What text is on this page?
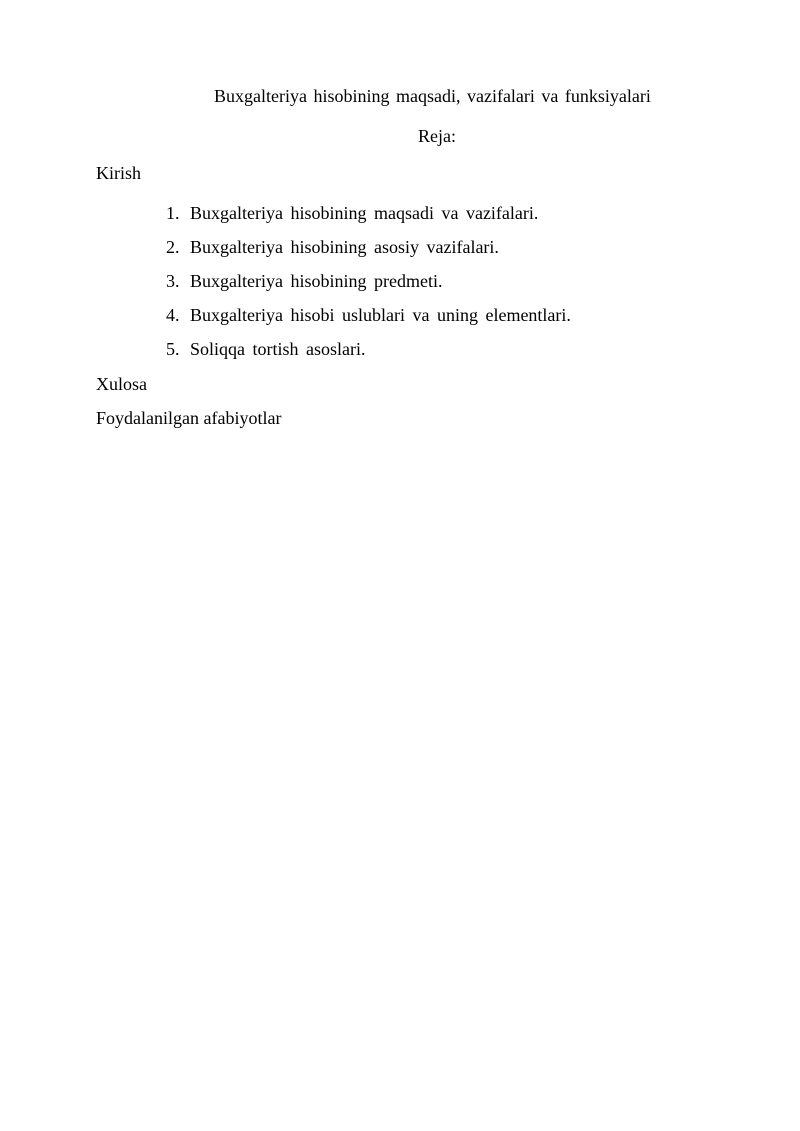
Buxgalteriya hisobining maqsadi, vazifalari va funksiyalari
Reja:
Kirish
1. Buxgalteriya hisobining maqsadi va vazifalari.
2. Buxgalteriya hisobining asosiy vazifalari.
3. Buxgalteriya hisobining predmeti.
4. Buxgalteriya hisobi uslublari va uning elementlari.
5. Soliqqa tortish asoslari.
Xulosa
Foydalanilgan afabiyotlar
